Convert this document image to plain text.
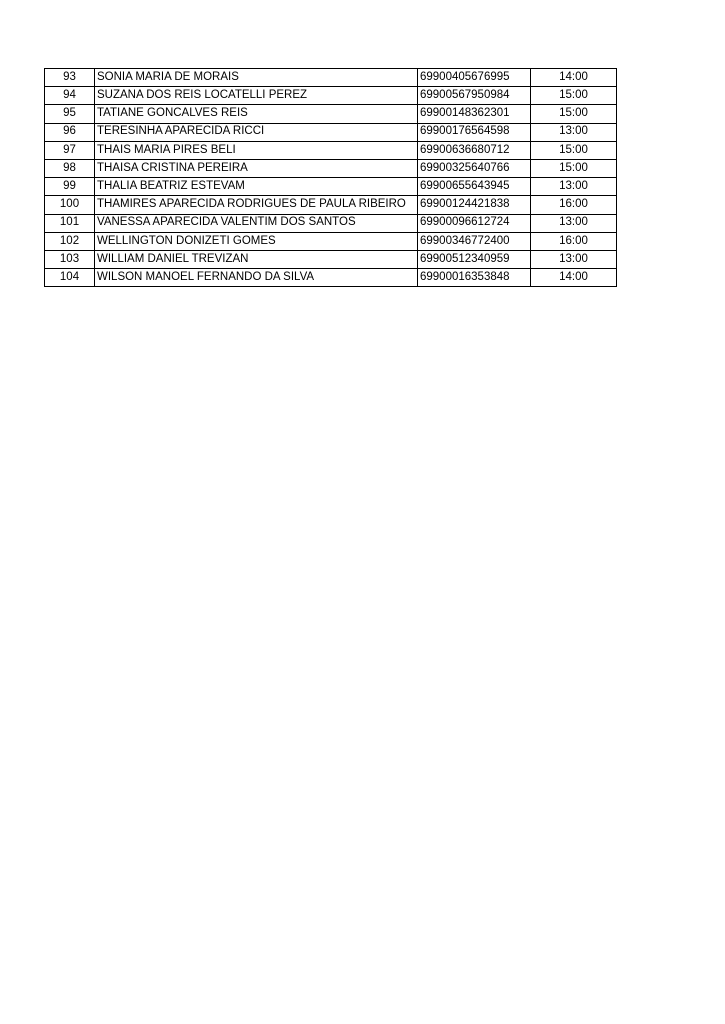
93	SONIA MARIA DE MORAIS	69900405676995	14:00
94	SUZANA DOS REIS LOCATELLI PEREZ	69900567950984	15:00
95	TATIANE GONCALVES REIS	69900148362301	15:00
96	TERESINHA APARECIDA RICCI	69900176564598	13:00
97	THAIS MARIA PIRES BELI	69900636680712	15:00
98	THAISA CRISTINA PEREIRA	69900325640766	15:00
99	THALIA BEATRIZ ESTEVAM	69900655643945	13:00
100	THAMIRES APARECIDA RODRIGUES DE PAULA RIBEIRO	69900124421838	16:00
101	VANESSA APARECIDA VALENTIM DOS SANTOS	69900096612724	13:00
102	WELLINGTON DONIZETI GOMES	69900346772400	16:00
103	WILLIAM DANIEL TREVIZAN	69900512340959	13:00
104	WILSON MANOEL FERNANDO DA SILVA	69900016353848	14:00
